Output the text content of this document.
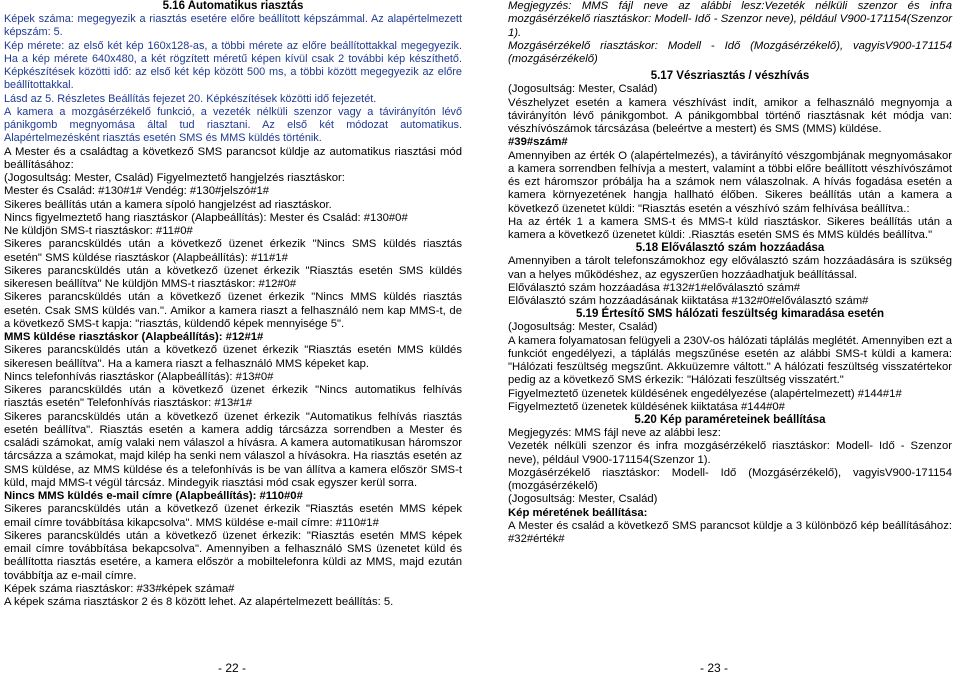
5.16 Automatikus riasztás

Képek száma: megegyezik a riasztás esetére előre beállított képszámmal. Az alapértelmezett képszám: 5.

Kép mérete: az első két kép 160x128-as, a többi mérete az előre beállítottakkal megegyezik. Ha a kép mérete 640x480, a két rögzített méretű képen kívül csak 2 további kép készíthető. Képkészítések közötti idő: az első két kép között 500 ms, a többi között megegyezik az előre beállítottakkal.

Lásd az 5. Részletes Beállítás fejezet 20. Képkészítések közötti idő fejezetét.

A kamera a mozgásérzékelő funkció, a vezeték nélküli szenzor vagy a távirányítón lévő pánikgomb megnyomása által tud riasztani. Az első két módozat automatikus. Alapértelmezésként riasztás esetén SMS és MMS küldés történik.

A Mester és a családtag a következő SMS parancsot küldje az automatikus riasztási mód beállításához:

(Jogosultság: Mester, Család) Figyelmeztető hangjelzés riasztáskor:

Mester és Család: #130#1# Vendég: #130#jelszó#1#

Sikeres beállítás után a kamera sípoló hangjelzést ad riasztáskor.

Nincs figyelmeztető hang riasztáskor (Alapbeállítás): Mester és Család: #130#0#

Ne küldjön SMS-t riasztáskor: #11#0#

Sikeres parancsküldés után a következő üzenet érkezik "Nincs SMS küldés riasztás esetén" SMS küldése riasztáskor (Alapbeállítás): #11#1#

Sikeres parancsküldés után a következő üzenet érkezik "Riasztás esetén SMS küldés sikeresen beállítva" Ne küldjön MMS-t riasztáskor: #12#0#

Sikeres parancsküldés után a következő üzenet érkezik "Nincs MMS küldés riasztás esetén. Csak SMS küldés van.". Amikor a kamera riaszt a felhasználó nem kap MMS-t, de a következő SMS-t kapja: "riasztás, küldendő képek mennyisége 5".

MMS küldése riasztáskor (Alapbeállítás): #12#1#

Sikeres parancsküldés után a következő üzenet érkezik "Riasztás esetén MMS küldés sikeresen beállítva". Ha a kamera riaszt a felhasználó MMS képeket kap.

Nincs telefonhívás riasztáskor (Alapbeállítás): #13#0#

Sikeres parancsküldés után a következő üzenet érkezik "Nincs automatikus felhívás riasztás esetén" Telefonhívás riasztáskor: #13#1#

Sikeres parancsküldés után a következő üzenet érkezik "Automatikus felhívás riasztás esetén beállítva". Riasztás esetén a kamera addig tárcsázza sorrendben a Mester és családi számokat, amíg valaki nem válaszol a hívásra. A kamera automatikusan háromszor tárcsázza a számokat, majd kilép ha senki nem válaszol a hívásokra. Ha riasztás esetén az SMS küldése, az MMS küldése és a telefonhívás is be van állítva a kamera először SMS-t küld, majd MMS-t végül tárcsáz. Mindegyik riasztási mód csak egyszer kerül sorra.

Nincs MMS küldés e-mail címre (Alapbeállítás): #110#0#

Sikeres parancsküldés után a következő üzenet érkezik "Riasztás esetén MMS képek email címre továbbítása kikapcsolva". MMS küldése e-mail címre: #110#1#

Sikeres parancsküldés után a következő üzenet érkezik: "Riasztás esetén MMS képek email címre továbbítása bekapcsolva". Amennyiben a felhasználó SMS üzenetet küld és beállította riasztás esetére, a kamera először a mobiltelefonra küldi az MMS, majd ezután továbbítja az e-mail címre.

Képek száma riasztáskor: #33#képek száma#

A képek száma riasztáskor 2 és 8 között lehet. Az alapértelmezett beállítás: 5.

- 22 -

Megjegyzés: MMS fájl neve az alábbi lesz:Vezeték nélküli szenzor és infra mozgásérzékelő riasztáskor: Modell- Idő - Szenzor neve), például V900-171154(Szenzor 1).

Mozgásérzékelő riasztáskor: Modell - Idő (Mozgásérzékelő), vagyisV900-171154 (mozgásérzékelő)

5.17 Vészriasztás / vészhívás

(Jogosultság: Mester, Család)

Vészhelyzet esetén a kamera vészhívást indít, amikor a felhasználó megnyomja a távirányítón lévő pánikgombot. A pánikgombbal történő riasztásnak két módja van: vészhívószámok tárcsázása (beleértve a mestert) és SMS (MMS) küldése.

#39#szám#

Amennyiben az érték O (alapértelmezés), a távirányító vészgombjának megnyomásakor a kamera sorrendben felhívja a mestert, valamint a többi előre beállított vészhívószámot és ezt háromszor próbálja ha a számok nem válaszolnak. A hívás fogadása esetén a kamera környezetének hangja hallható élőben. Sikeres beállítás után a kamera a következő üzenetet küldi: "Riasztás esetén a vészhívó szám felhívása beállítva.:

Ha az érték 1 a kamera SMS-t és MMS-t küld riasztáskor. Sikeres beállítás után a kamera a következő üzenetet küldi: .Riasztás esetén SMS és MMS küldés beállítva."

5.18 Előválasztó szám hozzáadása

Amennyiben a tárolt telefonszámokhoz egy előválasztó szám hozzáadására is szükség van a helyes működéshez, az egyszerűen hozzáadhatjuk beállítással.

Előválasztó szám hozzáadása #132#1#előválasztó szám#

Előválasztó szám hozzáadásának kiiktatása #132#0#előválasztó szám#

5.19 Értesítő SMS hálózati feszültség kimaradása esetén

(Jogosultság: Mester, Család)

A kamera folyamatosan felügyeli a 230V-os hálózati táplálás meglétét. Amennyiben ezt a funkciót engedélyezi, a táplálás megszűnése esetén az alábbi SMS-t küldi a kamera: "Hálózati feszültség megszűnt. Akkuüzemre váltott." A hálózati feszültség visszatértekor pedig az a következő SMS érkezik: "Hálózati feszültség visszatért."

Figyelmeztető üzenetek küldésének engedélyezése (alapértelmezett) #144#1#

Figyelmeztető üzenetek küldésének kiiktatása #144#0#

5.20 Kép paraméreteinek beállítása

Megjegyzés: MMS fájl neve az alábbi lesz:

Vezeték nélküli szenzor és infra mozgásérzékelő riasztáskor: Modell- Idő - Szenzor neve), például V900-171154(Szenzor 1).

Mozgásérzékelő riasztáskor: Modell- Idő (Mozgásérzékelő), vagyisV900-171154 (mozgásérzékelő)

(Jogosultság: Mester, Család)

Kép méretének beállítása:

A Mester és család a következő SMS parancsot küldje a 3 különböző kép beállításához: #32#érték#

- 23 -
